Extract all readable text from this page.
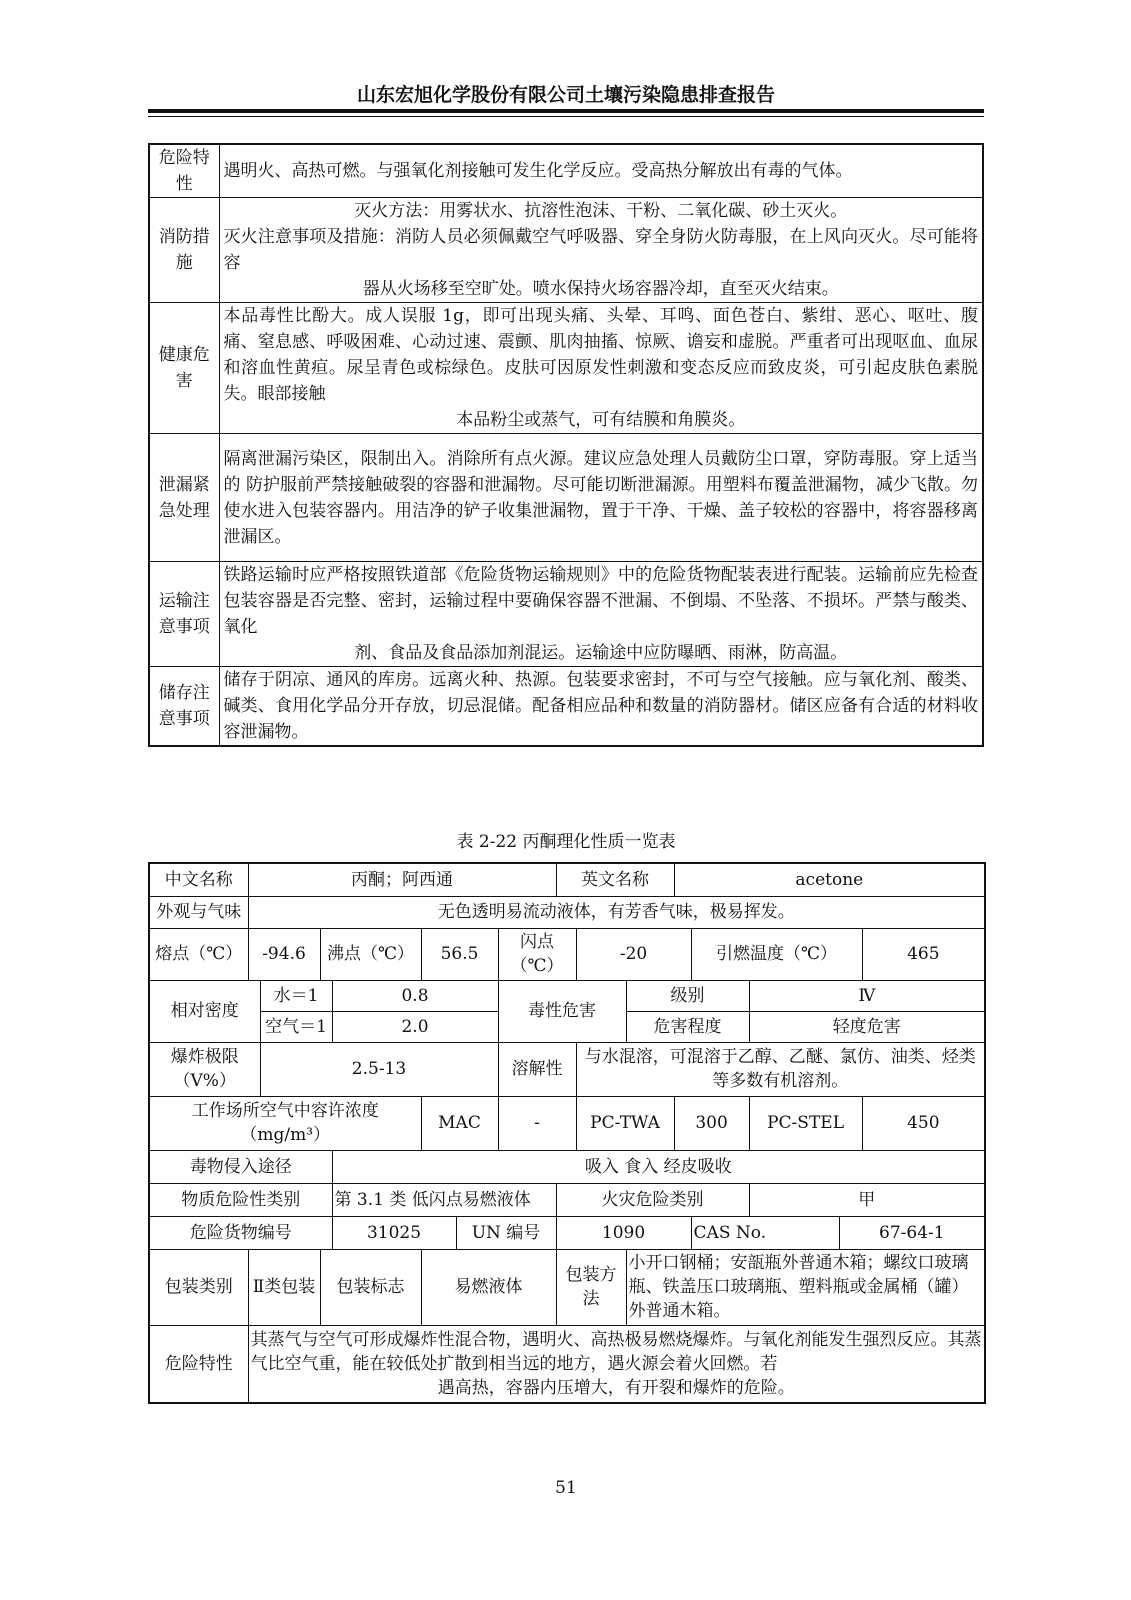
山东宏旭化学股份有限公司土壤污染隐患排查报告
危险特性	遇明火、高热可燃。与强氧化剂接触可发生化学反应。受高热分解放出有毒的气体。
消防措施	灭火方法：用雾状水、抗溶性泡沫、干粉、二氧化碳、砂土灭火。
灭火注意事项及措施：消防人员必须佩戴空气呼吸器、穿全身防火防毒服，在上风向灭火。尽可能将容
器从火场移至空旷处。喷水保持火场容器冷却，直至灭火结束。

健康危害	本品毒性比酚大。成人误服 1g，即可出现头痛、头晕、耳鸣、面色苍白、紫绀、恶心、呕吐、腹痛、窒息感、呼吸困难、心动过速、震颤、肌肉抽搐、惊厥、谵妄和虚脱。严重者可出现呕血、血尿和溶血性黄疸。尿呈青色或棕绿色。皮肤可因原发性刺激和变态反应而致皮炎，可引起皮肤色素脱失。眼部接触
本品粉尘或蒸气，可有结膜和角膜炎。

泄漏紧急处理	隔离泄漏污染区，限制出入。消除所有点火源。建议应急处理人员戴防尘口罩，穿防毒服。穿上适当的 防护服前严禁接触破裂的容器和泄漏物。尽可能切断泄漏源。用塑料布覆盖泄漏物，减少飞散。勿使水进入包装容器内。用洁净的铲子收集泄漏物，置于干净、干燥、盖子较松的容器中，将容器移离泄漏区。
运输注意事项	铁路运输时应严格按照铁道部《危险货物运输规则》中的危险货物配装表进行配装。运输前应先检查包装容器是否完整、密封，运输过程中要确保容器不泄漏、不倒塌、不坠落、不损坏。严禁与酸类、氧化
剂、食品及食品添加剂混运。运输途中应防曝晒、雨淋，防高温。

储存注意事项	储存于阴凉、通风的库房。远离火种、热源。包装要求密封，不可与空气接触。应与氧化剂、酸类、碱类、食用化学品分开存放，切忌混储。配备相应品种和数量的消防器材。储区应备有合适的材料收容泄漏物。
表 2-22 丙酮理化性质一览表
中文名称	丙酮；阿西通							英文名称			acetone				
外观与气味	无色透明易流动液体，有芳香气味，极易挥发。														
熔点（℃）	-94.6		沸点（℃）		56.5		闪点（℃）		-20			引燃温度（℃）			465
相对密度		水＝1		0.8			毒性危害			级别			Ⅳ		
		空气＝1		2.0						危害程度			轻度危害		
爆炸极限（V%）		2.5-13					溶解性		与水混溶，可混溶于乙醇、乙醚、氯仿、油类、烃类等多数有机溶剂。						
工作场所空气中容许浓度（mg/m³）					MAC		-		PC-TWA		300		PC-STEL		450
毒物侵入途径				吸入 食入 经皮吸收											
物质危险性类别				第 3.1 类 低闪点易燃液体				火灾危险类别					甲		
危险货物编号				31025		UN 编号		1090				CAS No.		67-64-1	
包装类别	Ⅱ类包装		包装标志		易燃液体			包装方法		小开口钢桶；安瓿瓶外普通木箱；螺纹口玻璃瓶、铁盖压口玻璃瓶、塑料瓶或金属桶（罐）外普通木箱。					
危险特性	其蒸气与空气可形成爆炸性混合物，遇明火、高热极易燃烧爆炸。与氧化剂能发生强烈反应。其蒸气比空气重，能在较低处扩散到相当远的地方，遇火源会着火回燃。若
遇高热，容器内压增大，有开裂和爆炸的危险。														
51
